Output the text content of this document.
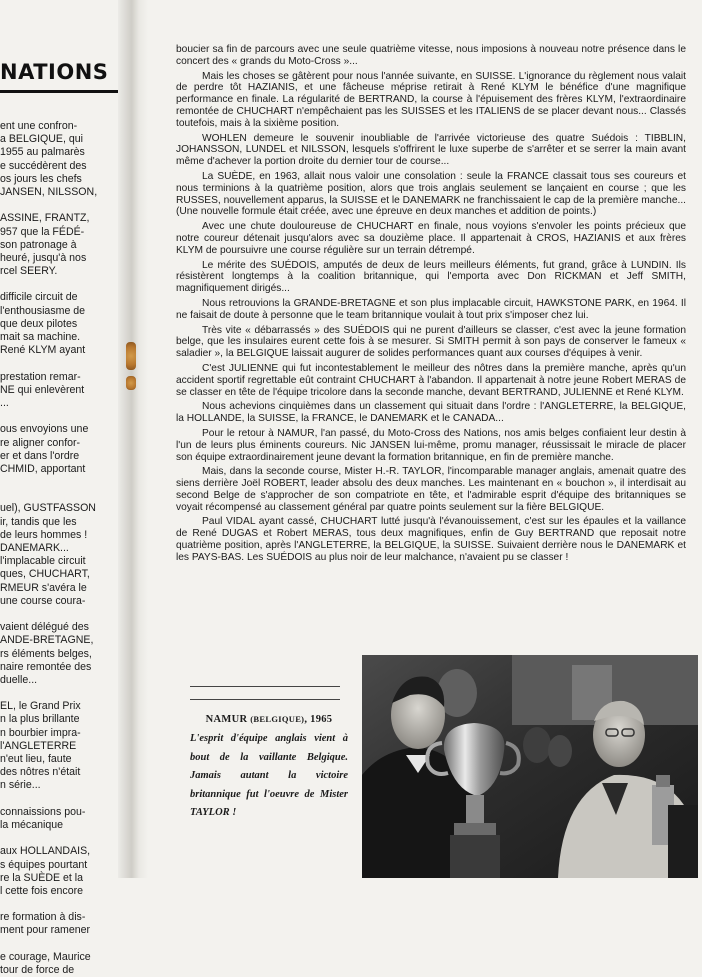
NATIONS
ent une confron-
a BELGIQUE, qui
1955 au palmarès
e succédèrent des
os jours les chefs
JANSEN, NILSSON,
ASSINE, FRANTZ,
957 que la FÉDÉ-
son patronage à
heuré, jusqu'à nos
rcel SEERY.
difficile circuit de
l'enthousiasme de
que deux pilotes
mait sa machine.
René KLYM ayant
prestation remar-
NE qui enlevèrent
...
ous envoyions une
re aligner confor-
er et dans l'ordre
CHMID, apportant
uel), GUSTFASSON
ir, tandis que les
de leurs hommes !
DANEMARK...
l'implacable circuit
ques, CHUCHART,
RMEUR s'avéra le
une course coura-
vaient délégué des
ANDE-BRETAGNE,
rs éléments belges,
naire remontée des
duelle...
EL, le Grand Prix
n la plus brillante
n bourbier impra-
l'ANGLETERRE
n'eut lieu, faute
des nôtres n'était
n série...
connaissions pou-
la mécanique
aux HOLLANDAIS,
s équipes pourtant
re la SUÈDE et la
l cette fois encore
re formation à dis-
ment pour ramener
e courage, Maurice
tour de force de

boucier sa fin de parcours avec une seule quatrième vitesse, nous imposions à nouveau notre présence dans le concert des « grands du Moto-Cross »...

Mais les choses se gâtèrent pour nous l'année suivante, en SUISSE. L'ignorance du règlement nous valait de perdre tôt HAZIANIS, et une fâcheuse méprise retirait à René KLYM le bénéfice d'une magnifique performance en finale. La régularité de BERTRAND, la course à l'épuisement des frères KLYM, l'extraordinaire remontée de CHUCHART n'empêchaient pas les SUISSES et les ITALIENS de se placer devant nous... Classés toutefois, mais à la sixième position.

WOHLEN demeure le souvenir inoubliable de l'arrivée victorieuse des quatre Suédois : TIBBLIN, JOHANSSON, LUNDEL et NILSSON, lesquels s'offrirent le luxe superbe de s'arrêter et se serrer la main avant même d'achever la portion droite du dernier tour de course...

La SUÈDE, en 1963, allait nous valoir une consolation : seule la FRANCE classait tous ses coureurs et nous terminions à la quatrième position, alors que trois anglais seulement se lançaient en course ; que les RUSSES, nouvellement apparus, la SUISSE et le DANEMARK ne franchissaient le cap de la première manche... (Une nouvelle formule était créée, avec une épreuve en deux manches et addition de points.)

Avec une chute douloureuse de CHUCHART en finale, nous voyions s'envoler les points précieux que notre coureur détenait jusqu'alors avec sa douzième place. Il appartenait à CROS, HAZIANIS et aux frères KLYM de poursuivre une course régulière sur un terrain détrempé.

Le mérite des SUÉDOIS, amputés de deux de leurs meilleurs éléments, fut grand, grâce à LUNDIN. Ils résistèrent longtemps à la coalition britannique, qui l'emporta avec Don RICKMAN et Jeff SMITH, magnifiquement dirigés...

Nous retrouvions la GRANDE-BRETAGNE et son plus implacable circuit, HAWKSTONE PARK, en 1964. Il ne faisait de doute à personne que le team britannique voulait à tout prix s'imposer chez lui.

Très vite « débarrassés » des SUÉDOIS qui ne purent d'ailleurs se classer, c'est avec la jeune formation belge, que les insulaires eurent cette fois à se mesurer. Si SMITH permit à son pays de conserver le fameux « saladier », la BELGIQUE laissait augurer de solides performances quant aux courses d'équipes à venir.

C'est JULIENNE qui fut incontestablement le meilleur des nôtres dans la première manche, après qu'un accident sportif regrettable eût contraint CHUCHART à l'abandon. Il appartenait à notre jeune Robert MERAS de se classer en tête de l'équipe tricolore dans la seconde manche, devant BERTRAND, JULIENNE et René KLYM.

Nous achevions cinquièmes dans un classement qui situait dans l'ordre : l'ANGLETERRE, la BELGIQUE, la HOLLANDE, la SUISSE, la FRANCE, le DANEMARK et le CANADA...

Pour le retour à NAMUR, l'an passé, du Moto-Cross des Nations, nos amis belges confiaient leur destin à l'un de leurs plus éminents coureurs. Nic JANSEN lui-même, promu manager, réussissait le miracle de placer son équipe extraordinairement jeune devant la formation britannique, en fin de première manche.

Mais, dans la seconde course, Mister H.-R. TAYLOR, l'incomparable manager anglais, amenait quatre des siens derrière Joël ROBERT, leader absolu des deux manches. Les maintenant en « bouchon », il interdisait au second Belge de s'approcher de son compatriote en tête, et l'admirable esprit d'équipe des britanniques se voyait récompensé au classement général par quatre points seulement sur la fière BELGIQUE.

Paul VIDAL ayant cassé, CHUCHART lutté jusqu'à l'évanouissement, c'est sur les épaules et la vaillance de René DUGAS et Robert MERAS, tous deux magnifiques, enfin de Guy BERTRAND que reposait notre quatrième position, après l'ANGLETERRE, la BELGIQUE, la SUISSE. Suivaient derrière nous le DANEMARK et les PAYS-BAS. Les SUÉDOIS au plus noir de leur malchance, n'avaient pu se classer !

NAMUR (BELGIQUE), 1965

L'esprit d'équipe anglais vient à bout de la vaillante Belgique. Jamais autant la victoire britannique fut l'oeuvre de Mister TAYLOR !
